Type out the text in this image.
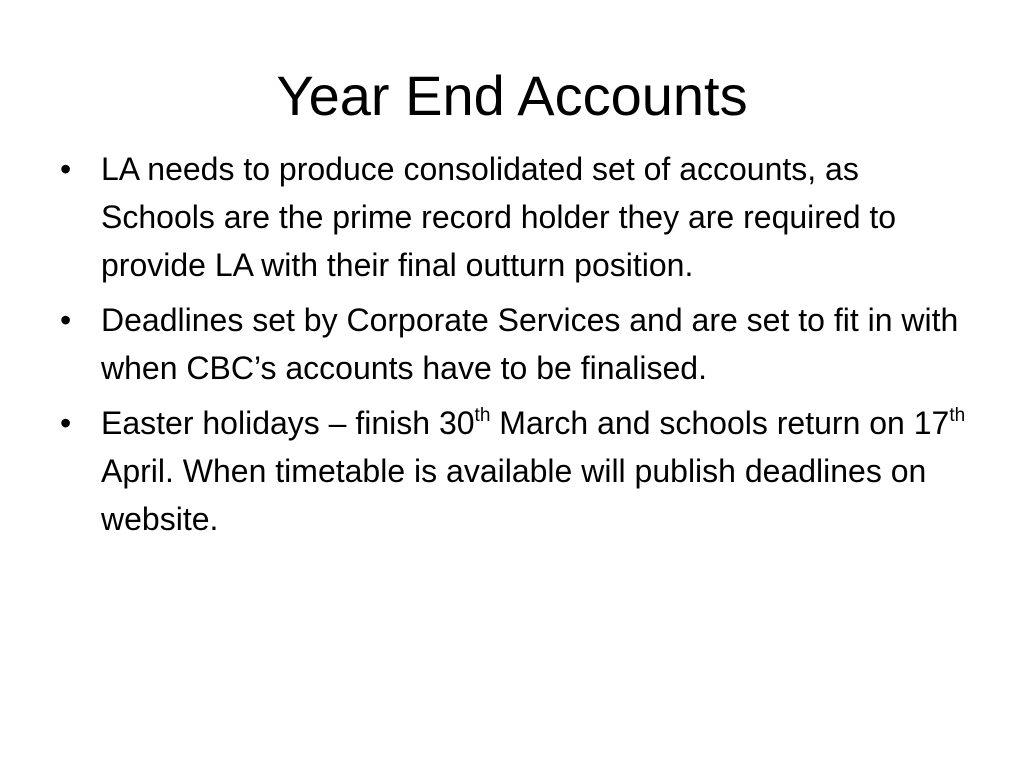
Year End Accounts
• LA needs to produce consolidated set of accounts, as Schools are the prime record holder they are required to provide LA with their final outturn position.
• Deadlines set by Corporate Services and are set to fit in with when CBC’s accounts have to be finalised.
• Easter holidays – finish 30th March and schools return on 17th April. When timetable is available will publish deadlines on website.
